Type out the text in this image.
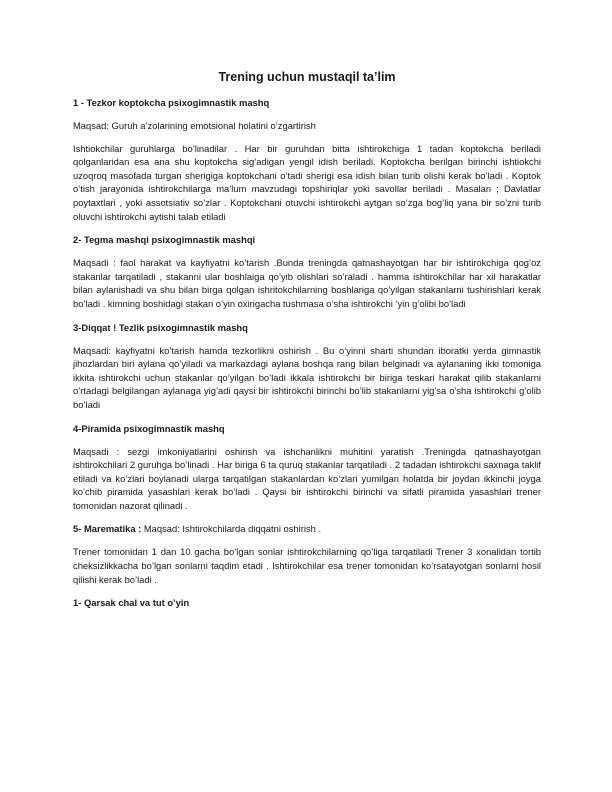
Trening uchun mustaqil ta’lim
1 - Tezkor koptokcha psixogimnastik mashq
Maqsad: Guruh a’zolarining emotsional holatini o’zgartirish
Ishtiokchilar guruhlarga bo’linadilar . Har bir guruhdan bitta ishtirokchiga 1 tadan koptokcha beriladi qolganlaridan esa ana shu koptokcha sig’adigan yengil idish beriladi. Koptokcha berilgan birinchi ishtiokchi uzoqroq masofada turgan sherigiga koptokchani o’tadi sherigi esa idish bilan turib olishi kerak bo’ladi . Koptok o’tish jarayonida ishtirokchilarga ma’lum mavzudagi topshiriqlar yoki savollar beriladi . Masalan ; Davlatlar poytaxtlari , yoki assotsiativ so’zlar . Koptokchani otuvchi ishtirokchi aytgan so’zga bog’liq yana bir so’zni turib oluvchi ishtirokchi aytishi talab etiladi
2- Tegma mashqi psixogimnastik mashqi
Maqsadi : faol harakat va kayfiyatni ko’tarish .Bunda treningda qatnashayotgan har bir ishtirokchiga qog’oz stakanlar tarqatiladi , stakanni ular boshlaiga qo’yib olishlari so’raladi . hamma ishtirokchilar har xil harakatlar bilan aylanishadi va shu bilan birga qolgan ishritokchilarning boshlariga qo’yilgan stakanlarni tushirishlari kerak bo’ladi . kimning boshidagi stakan o’yin oxirigacha tushmasa o’sha ishtirokchi ‘yin g’olibi bo’ladi
3-Diqqat ! Tezlik psixogimnastik mashq
Maqsadi: kayfiyatni ko’tarish hamda tezkorlikni oshirish . Bu o’yinni sharti shundan iboratki yerda gimnastik jihozlardan biri aylana qo’yiladi va markazdagi aylana boshqa rang bilan belginadi va aylananing ikki tomoniga ikkita ishtirokchi uchun stakanlar qo’yilgan bo’ladi ikkala ishtirokchi bir biriga teskari harakat qilib stakanlarni o’rtadagi belgilangan aylanaga yig’adi qaysi bir ishtirokchi birinchi bo’lib stakanlarni yig’sa o’sha ishtirokchi g’olib bo’ladi
4-Piramida psixogimnastik mashq
Maqsadi : sezgi imkoniyatlarini oshirish va ishchanlikni muhitini yaratish .Treningda qatnashayotgan ishtirokchilari 2 guruhga bo’linadi . Har biriga 6 ta quruq stakanlar tarqatiladi . 2 tadadan ishtirokchi saxnaga taklif etiladi va ko’zlari boylanadi ularga tarqatilgan stakanlardan ko’zlari yumilgan holatda bir joydan ikkinchi joyga ko’chib piramida yasashlari kerak bo’ladi . Qaysi bir ishtirokchi birinchi va sifatli piramida yasashlari trener tomonidan nazorat qilinadi .
5- Marematika : Maqsad: Ishtirokchilarda diqqatni oshirish .
Trener tomonidan 1 dan 10 gacha bo’lgan sonlar ishtirokchilarning qo’liga tarqatiladi Trener 3 xonalidan tortib cheksizlikkacha bo’lgan sonlarni taqdim etadi . Ishtirokchilar esa trener tomonidan ko’rsatayotgan sonlarni hosil qilishi kerak bo’ladi .
1- Qarsak chal va tut o’yin
